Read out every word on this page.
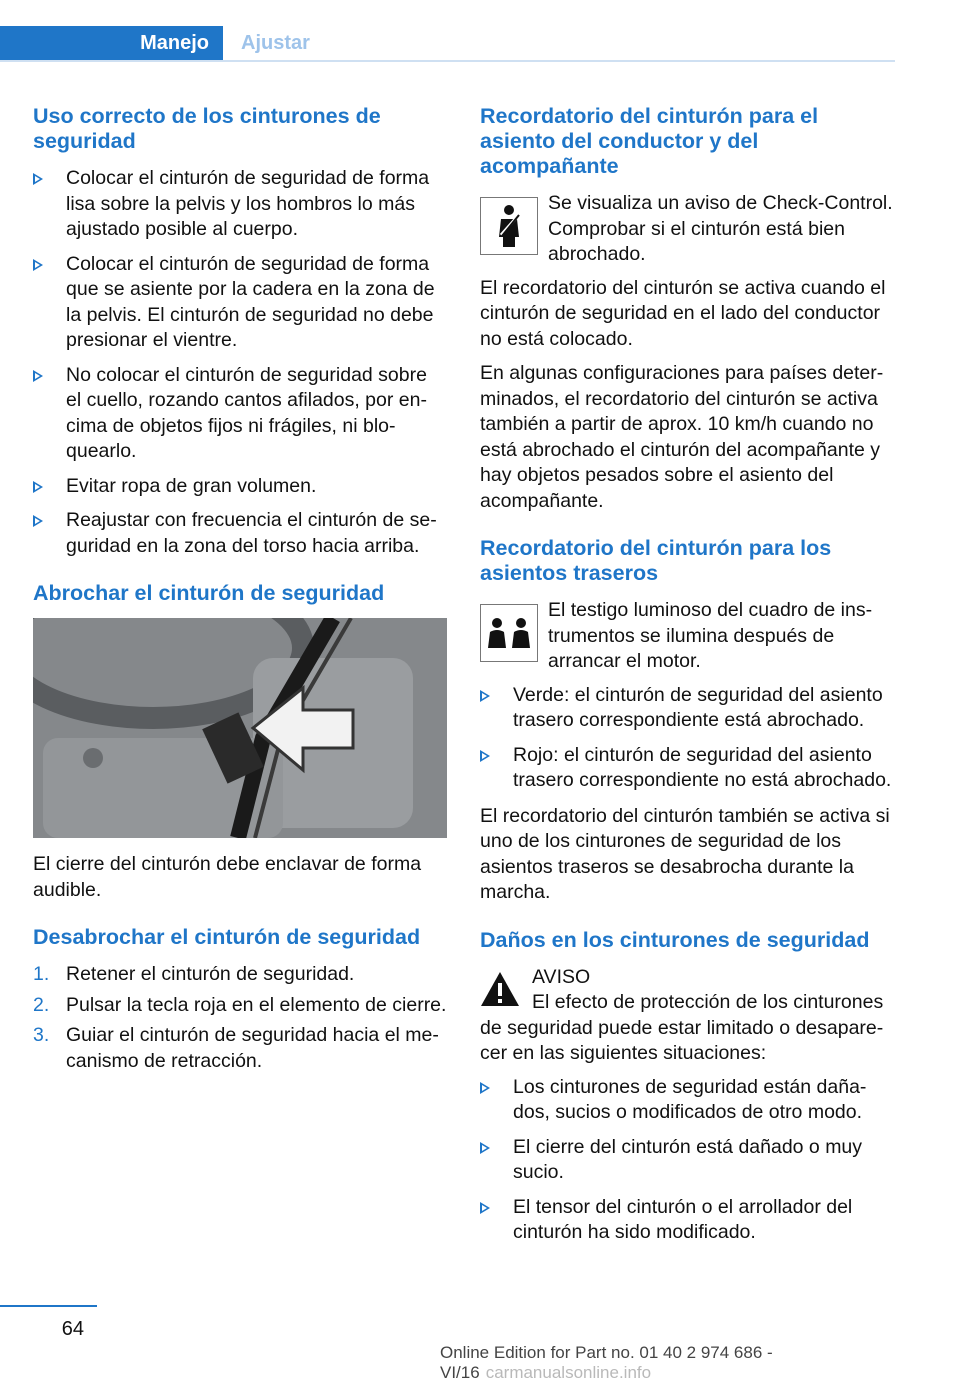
Manejo	Ajustar
Uso correcto de los cinturones de seguridad
Colocar el cinturón de seguridad de forma lisa sobre la pelvis y los hombros lo más ajustado posible al cuerpo.
Colocar el cinturón de seguridad de forma que se asiente por la cadera en la zona de la pelvis. El cinturón de seguridad no debe presionar el vientre.
No colocar el cinturón de seguridad sobre el cuello, rozando cantos afilados, por encima de objetos fijos ni frágiles, ni bloquearlo.
Evitar ropa de gran volumen.
Reajustar con frecuencia el cinturón de seguridad en la zona del torso hacia arriba.
Abrochar el cinturón de seguridad

El cierre del cinturón debe enclavar de forma audible.

Desabrochar el cinturón de seguridad
1. Retener el cinturón de seguridad.
2. Pulsar la tecla roja en el elemento de cierre.
3. Guiar el cinturón de seguridad hacia el mecanismo de retracción.
Recordatorio del cinturón para el asiento del conductor y del acompañante

Se visualiza un aviso de Check-Control. Comprobar si el cinturón está bien abrochado.

El recordatorio del cinturón se activa cuando el cinturón de seguridad en el lado del conductor no está colocado.

En algunas configuraciones para países determinados, el recordatorio del cinturón se activa también a partir de aprox. 10 km/h cuando no está abrochado el cinturón del acompañante y hay objetos pesados sobre el asiento del acompañante.

Recordatorio del cinturón para los asientos traseros

El testigo luminoso del cuadro de instrumentos se ilumina después de arrancar el motor.

Verde: el cinturón de seguridad del asiento trasero correspondiente está abrochado.
Rojo: el cinturón de seguridad del asiento trasero correspondiente no está abrochado.

El recordatorio del cinturón también se activa si uno de los cinturones de seguridad de los asientos traseros se desabrocha durante la marcha.

Daños en los cinturones de seguridad

AVISO

El efecto de protección de los cinturones de seguridad puede estar limitado o desaparecer en las siguientes situaciones:

Los cinturones de seguridad están dañados, sucios o modificados de otro modo.
El cierre del cinturón está dañado o muy sucio.
El tensor del cinturón o el arrollador del cinturón ha sido modificado.
64
Online Edition for Part no. 01 40 2 974 686 - VI/16 carmanualsonline.info
